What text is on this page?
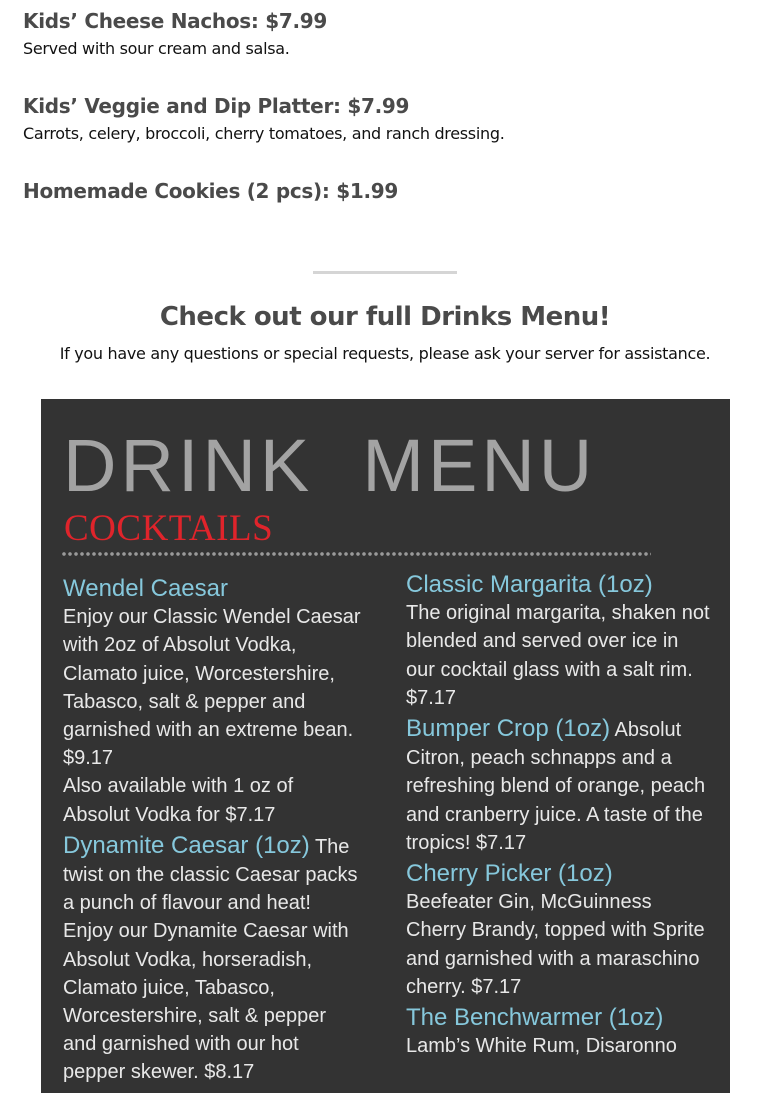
Kids’ Cheese Nachos: $7.99
Served with sour cream and salsa.
Kids’ Veggie and Dip Platter: $7.99
Carrots, celery, broccoli, cherry tomatoes, and ranch dressing.
Homemade Cookies (2 pcs): $1.99
Check out our full Drinks Menu!
If you have any questions or special requests, please ask your server for assistance.
DRINK  MENU
COCKTAILS
Wendel Caesar
Enjoy our Classic Wendel Caesar
with 2oz of Absolut Vodka,
Clamato juice, Worcestershire,
Tabasco, salt & pepper and
garnished with an extreme bean.
$9.17
Also available with 1 oz of
Absolut Vodka for $7.17
Dynamite Caesar (1oz) The
twist on the classic Caesar packs
a punch of flavour and heat!
Enjoy our Dynamite Caesar with
Absolut Vodka, horseradish,
Clamato juice, Tabasco,
Worcestershire, salt & pepper
and garnished with our hot
pepper skewer. $8.17
Classic Margarita (1oz)
The original margarita, shaken not
blended and served over ice in
our cocktail glass with a salt rim.
$7.17
Bumper Crop (1oz) Absolut
Citron, peach schnapps and a
refreshing blend of orange, peach
and cranberry juice. A taste of the
tropics! $7.17
Cherry Picker (1oz)
Beefeater Gin, McGuinness
Cherry Brandy, topped with Sprite
and garnished with a maraschino
cherry. $7.17
The Benchwarmer (1oz)
Lamb’s White Rum, Disaronno
